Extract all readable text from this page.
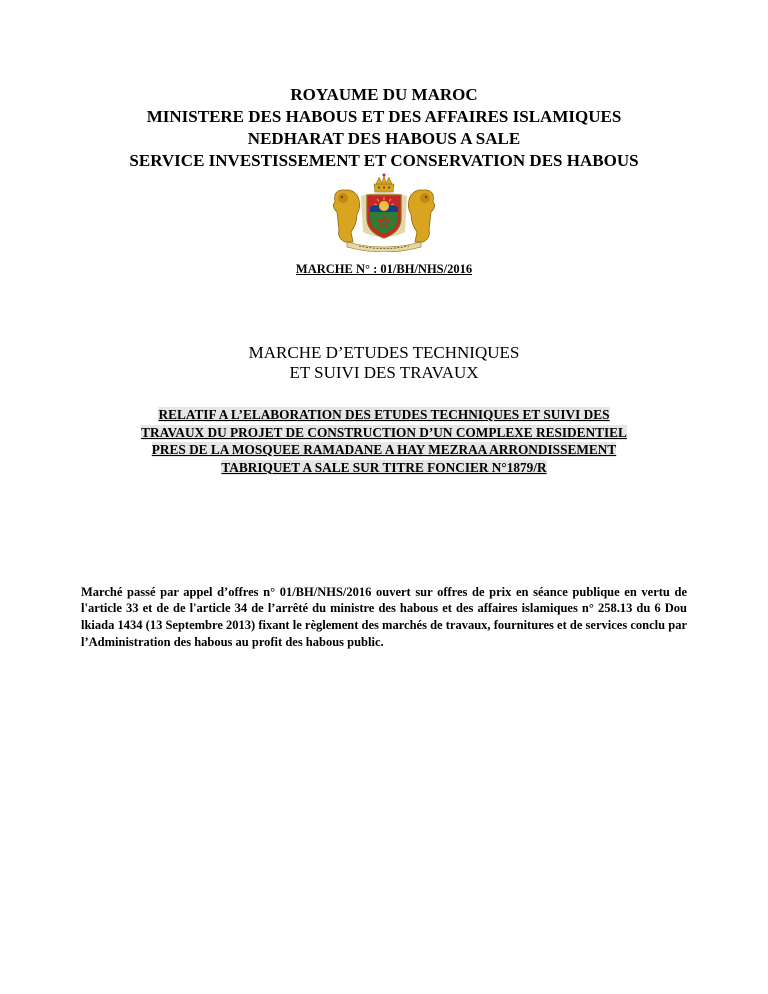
ROYAUME DU MAROC
MINISTERE DES HABOUS ET DES AFFAIRES ISLAMIQUES
NEDHARAT DES HABOUS A SALE
SERVICE INVESTISSEMENT ET CONSERVATION DES HABOUS
MARCHE N° : 01/BH/NHS/2016
MARCHE D’ETUDES TECHNIQUES
ET SUIVI DES TRAVAUX
RELATIF A L’ELABORATION DES ETUDES TECHNIQUES ET SUIVI DES
TRAVAUX DU PROJET DE CONSTRUCTION D’UN COMPLEXE RESIDENTIEL
PRES DE LA MOSQUEE RAMADANE A HAY MEZRAA ARRONDISSEMENT
TABRIQUET A SALE SUR TITRE FONCIER N°1879/R

Marché passé par appel d’offres n° 01/BH/NHS/2016 ouvert sur offres de prix en séance publique en vertu de l'article 33 et de de l'article 34 de l’arrêté du ministre des habous et des affaires islamiques n° 258.13 du 6 Dou lkiada 1434 (13 Septembre 2013) fixant le règlement des marchés de travaux, fournitures et de services conclu par l’Administration des habous au profit des habous public.
